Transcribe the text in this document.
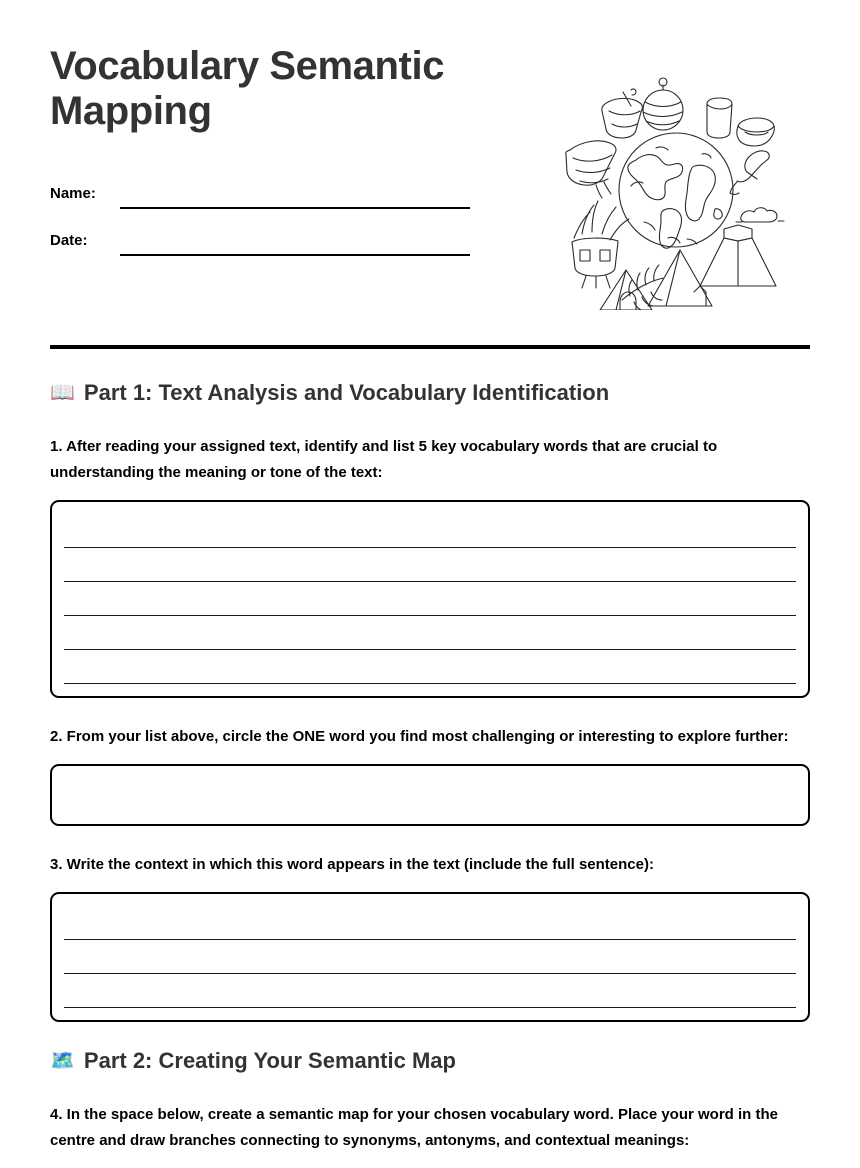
Vocabulary Semantic Mapping
Name:
Date:
📖 Part 1: Text Analysis and Vocabulary Identification

1. After reading your assigned text, identify and list 5 key vocabulary words that are crucial to understanding the meaning or tone of the text:

2. From your list above, circle the ONE word you find most challenging or interesting to explore further:

3. Write the context in which this word appears in the text (include the full sentence):

🗺️ Part 2: Creating Your Semantic Map

4. In the space below, create a semantic map for your chosen vocabulary word. Place your word in the centre and draw branches connecting to synonyms, antonyms, and contextual meanings:
